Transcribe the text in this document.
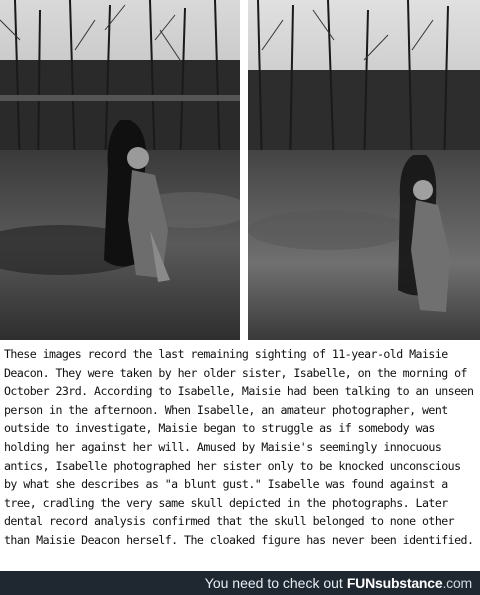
These images record the last remaining sighting of 11-year-old Maisie
Deacon. They were taken by her older sister, Isabelle, on the morning of
October 23rd. According to Isabelle, Maisie had been talking to an unseen
person in the afternoon. When Isabelle, an amateur photographer, went
outside to investigate, Maisie began to struggle as if somebody was
holding her against her will. Amused by Maisie's seemingly innocuous
antics, Isabelle photographed her sister only to be knocked unconscious
by what she describes as "a blunt gust." Isabelle was found against a
tree, cradling the very same skull depicted in the photographs. Later
dental record analysis confirmed that the skull belonged to none other
than Maisie Deacon herself. The cloaked figure has never been identified.
You need to check out FUNsubstance.com
